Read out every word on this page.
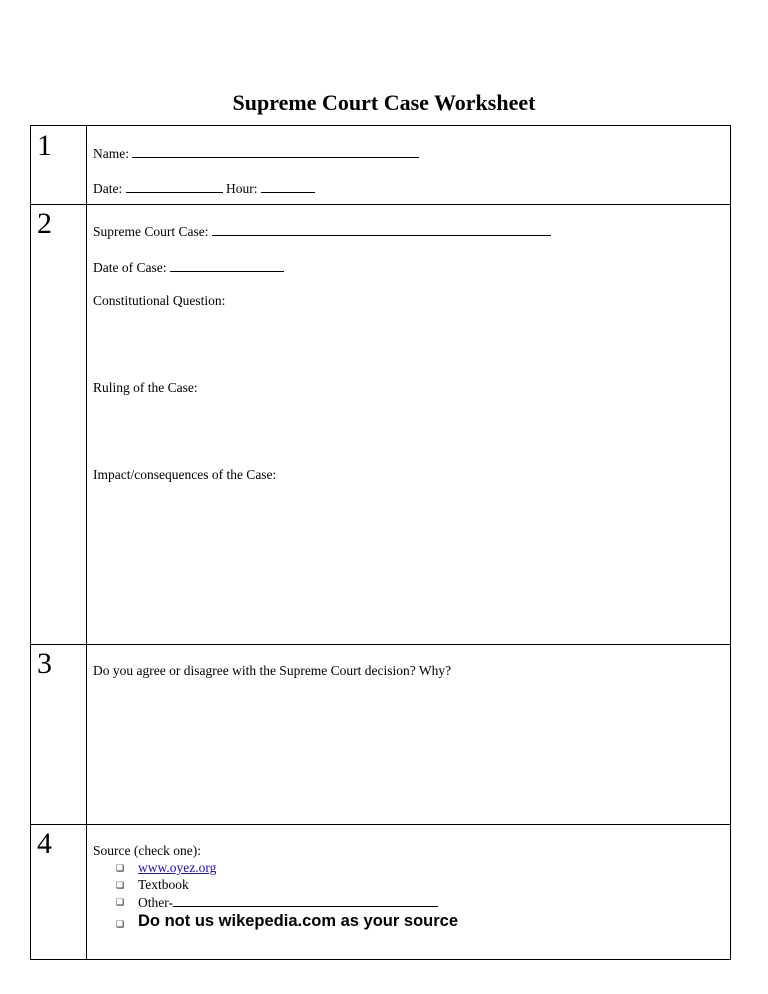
Supreme Court Case Worksheet
1	Name:
Date:	Hour:
2	Supreme Court Case:
Date of Case:
Constitutional Question:
Ruling of the Case:
Impact/consequences of the Case:
3	Do you agree or disagree with the Supreme Court decision? Why?
4	Source (check one):
❑ www.oyez.org
❑ Textbook
❑ Other-
❑ Do not us wikepedia.com as your source
